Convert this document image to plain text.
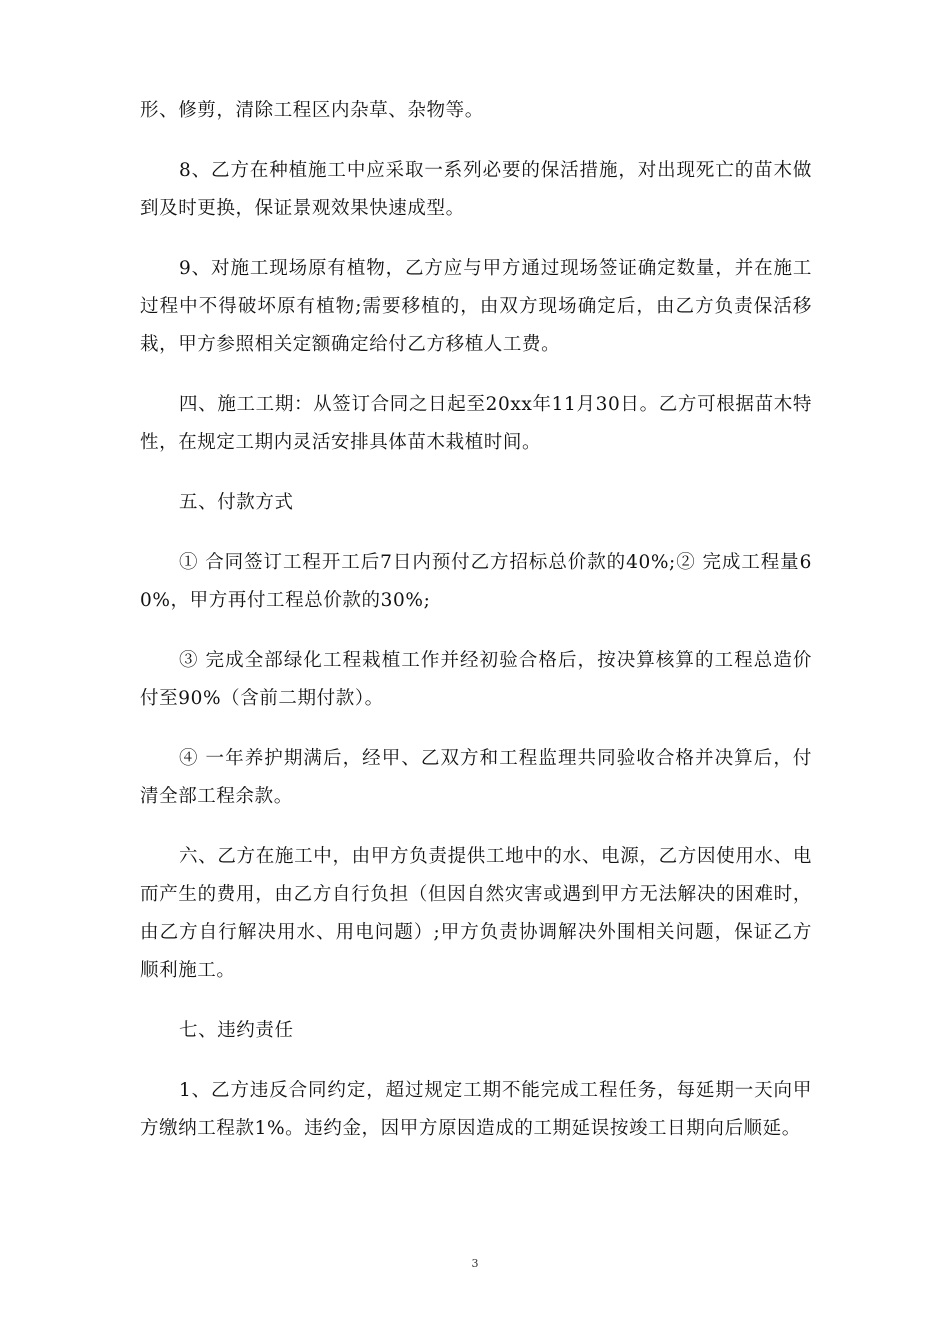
形、修剪，清除工程区内杂草、杂物等。

8、乙方在种植施工中应采取一系列必要的保活措施，对出现死亡的苗木做到及时更换，保证景观效果快速成型。

9、对施工现场原有植物，乙方应与甲方通过现场签证确定数量，并在施工过程中不得破坏原有植物;需要移植的，由双方现场确定后，由乙方负责保活移栽，甲方参照相关定额确定给付乙方移植人工费。

四、施工工期：从签订合同之日起至20xx年11月30日。乙方可根据苗木特性，在规定工期内灵活安排具体苗木栽植时间。

五、付款方式

① 合同签订工程开工后7日内预付乙方招标总价款的40%;② 完成工程量60%，甲方再付工程总价款的30%;

③ 完成全部绿化工程栽植工作并经初验合格后，按决算核算的工程总造价付至90%（含前二期付款）。

④ 一年养护期满后，经甲、乙双方和工程监理共同验收合格并决算后，付清全部工程余款。

六、乙方在施工中，由甲方负责提供工地中的水、电源，乙方因使用水、电而产生的费用，由乙方自行负担（但因自然灾害或遇到甲方无法解决的困难时，由乙方自行解决用水、用电问题）;甲方负责协调解决外围相关问题，保证乙方顺利施工。

七、违约责任

1、乙方违反合同约定，超过规定工期不能完成工程任务，每延期一天向甲方缴纳工程款1%。违约金，因甲方原因造成的工期延误按竣工日期向后顺延。

3
